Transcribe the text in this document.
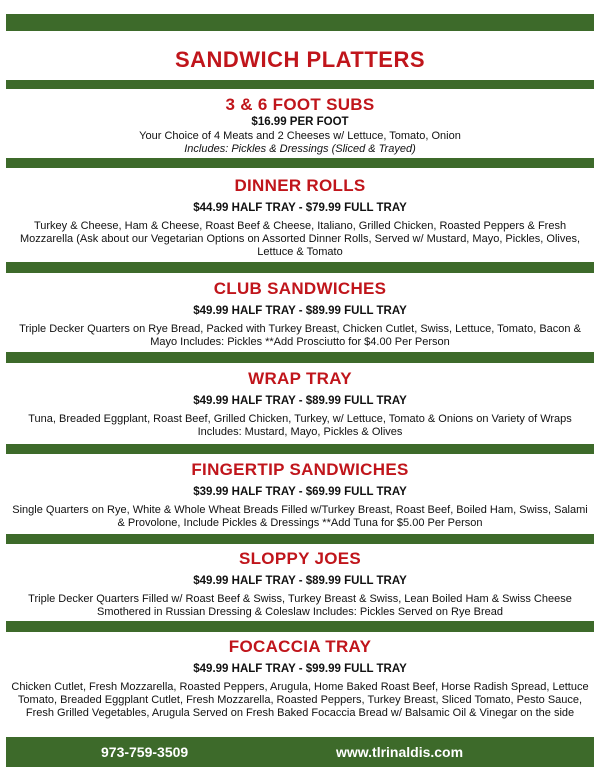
SANDWICH PLATTERS
3 & 6 FOOT SUBS
$16.99 PER FOOT
Your Choice of 4 Meats and 2 Cheeses w/ Lettuce, Tomato, Onion
Includes: Pickles & Dressings (Sliced & Trayed)
DINNER ROLLS
$44.99 HALF TRAY - $79.99 FULL TRAY
Turkey & Cheese, Ham & Cheese, Roast Beef & Cheese, Italiano, Grilled Chicken, Roasted Peppers & Fresh Mozzarella (Ask about our Vegetarian Options on Assorted Dinner Rolls, Served w/ Mustard, Mayo, Pickles, Olives, Lettuce & Tomato
CLUB SANDWICHES
$49.99 HALF TRAY - $89.99 FULL TRAY
Triple Decker Quarters on Rye Bread, Packed with Turkey Breast, Chicken Cutlet, Swiss, Lettuce, Tomato, Bacon & Mayo Includes: Pickles **Add Prosciutto for $4.00 Per Person
WRAP TRAY
$49.99 HALF TRAY - $89.99 FULL TRAY
Tuna, Breaded Eggplant, Roast Beef, Grilled Chicken, Turkey, w/ Lettuce, Tomato & Onions on Variety of Wraps Includes: Mustard, Mayo, Pickles & Olives
FINGERTIP SANDWICHES
$39.99 HALF TRAY - $69.99 FULL TRAY
Single Quarters on Rye, White & Whole Wheat Breads Filled w/Turkey Breast, Roast Beef, Boiled Ham, Swiss, Salami & Provolone, Include Pickles & Dressings **Add Tuna for $5.00 Per Person
SLOPPY JOES
$49.99 HALF TRAY - $89.99 FULL TRAY
Triple Decker Quarters Filled w/ Roast Beef & Swiss, Turkey Breast & Swiss, Lean Boiled Ham & Swiss Cheese Smothered in Russian Dressing & Coleslaw Includes: Pickles Served on Rye Bread
FOCACCIA TRAY
$49.99 HALF TRAY - $99.99 FULL TRAY
Chicken Cutlet, Fresh Mozzarella, Roasted Peppers, Arugula, Home Baked Roast Beef, Horse Radish Spread, Lettuce Tomato, Breaded Eggplant Cutlet, Fresh Mozzarella, Roasted Peppers, Turkey Breast, Sliced Tomato, Pesto Sauce, Fresh Grilled Vegetables, Arugula Served on Fresh Baked Focaccia Bread w/ Balsamic Oil & Vinegar on the side
973-759-3509	www.tlrinaldis.com
